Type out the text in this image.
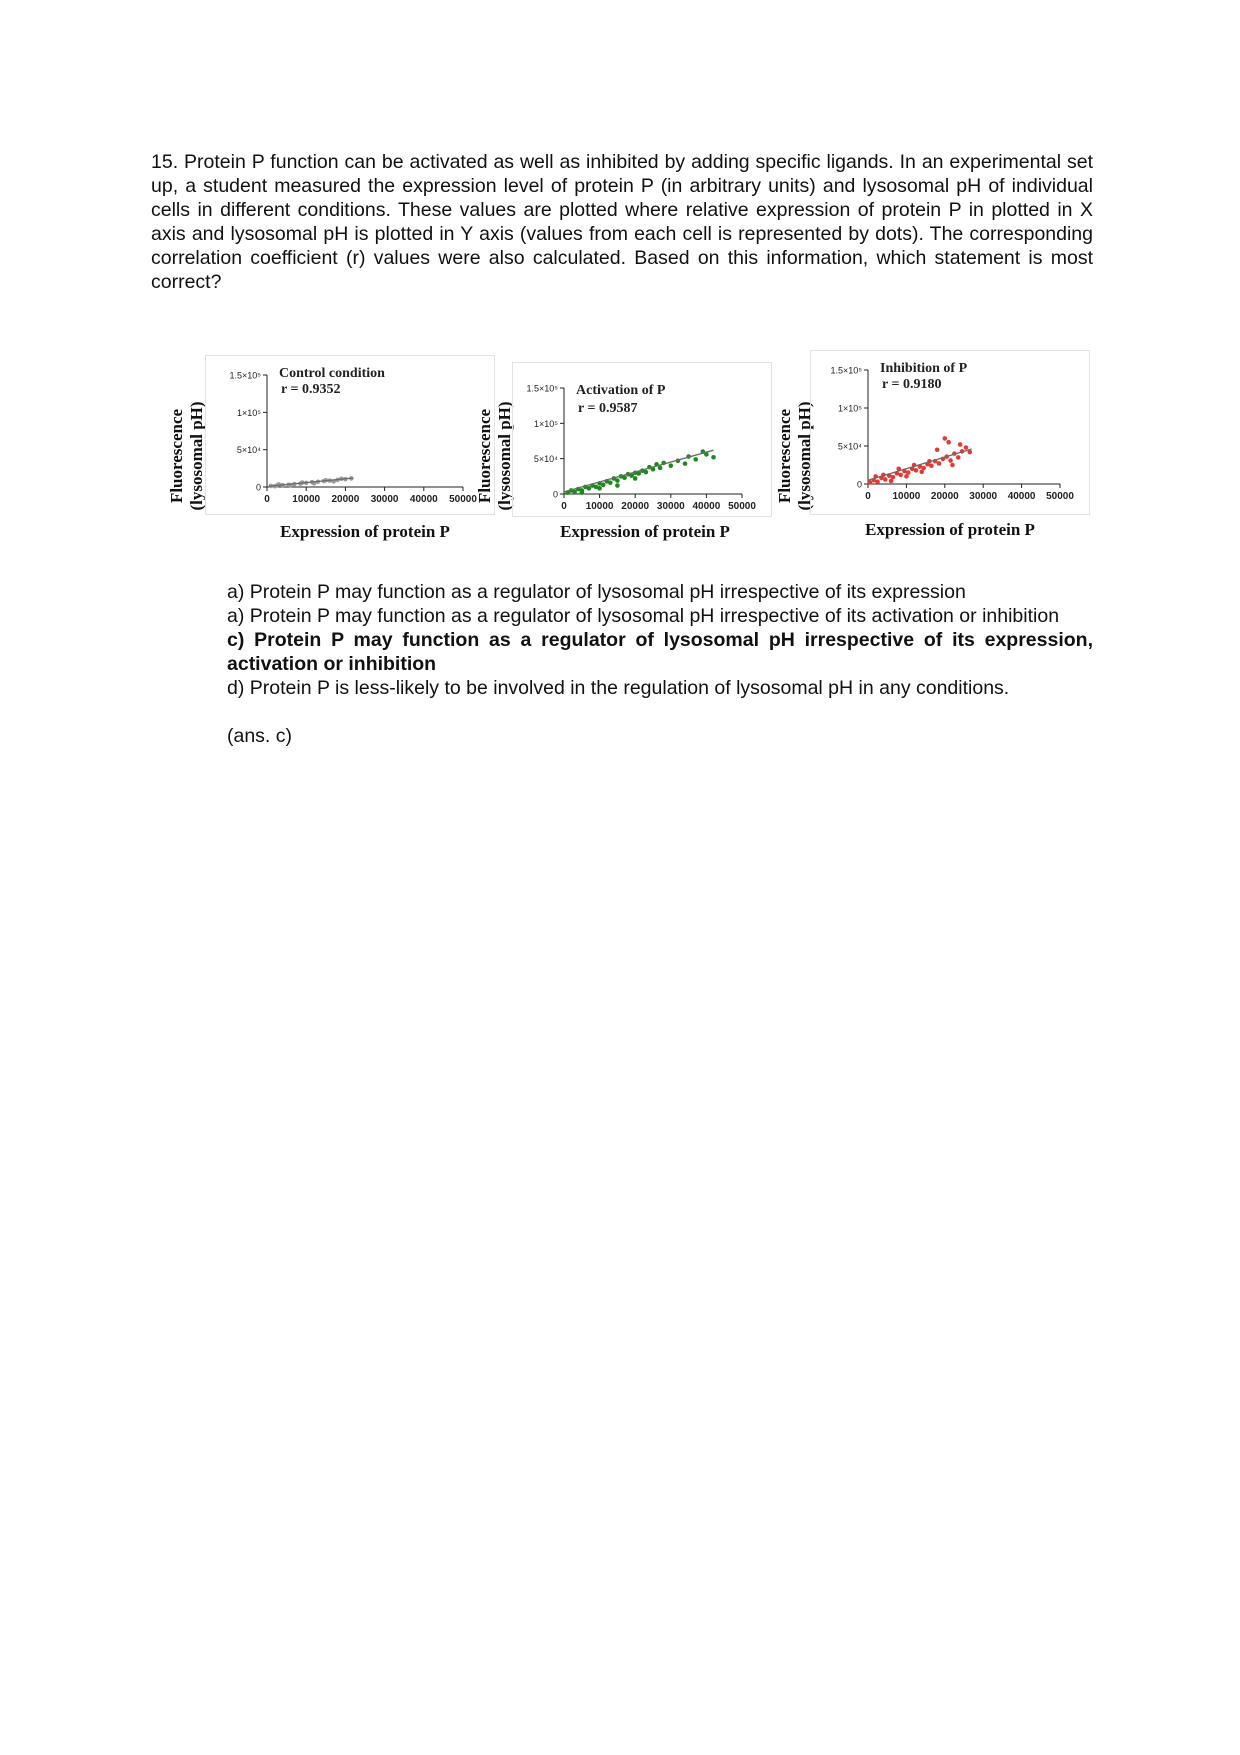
15. Protein P function can be activated as well as inhibited by adding specific ligands. In an experimental set up, a student measured the expression level of protein P (in arbitrary units) and lysosomal pH of individual cells in different conditions. These values are plotted where relative expression of protein P in plotted in X axis and lysosomal pH is plotted in Y axis (values from each cell is represented by dots). The corresponding correlation coefficient (r) values were also calculated. Based on this information, which statement is most correct?

Fluorescence (lysosomal pH)	0 10000 20000 30000 40000 50000
0
5×10⁴
1×10⁵
1.5×10⁵ Control condition
r = 0.9352
Expression of protein P
Fluorescence (lysosomal pH)	0 10000 20000 30000 40000 50000
0
5×10⁴
1×10⁵
1.5×10⁵ Activation of P
r = 0.9587
Expression of protein P
Fluorescence (lysosomal pH)	0 10000 20000 30000 40000 50000
0
5×10⁴
1×10⁵
1.5×10⁵ Inhibition of P
r = 0.9180
Expression of protein P

a) Protein P may function as a regulator of lysosomal pH irrespective of its expression

a) Protein P may function as a regulator of lysosomal pH irrespective of its activation or inhibition

c) Protein P may function as a regulator of lysosomal pH irrespective of its expression, activation or inhibition

d) Protein P is less-likely to be involved in the regulation of lysosomal pH in any conditions.

(ans. c)
